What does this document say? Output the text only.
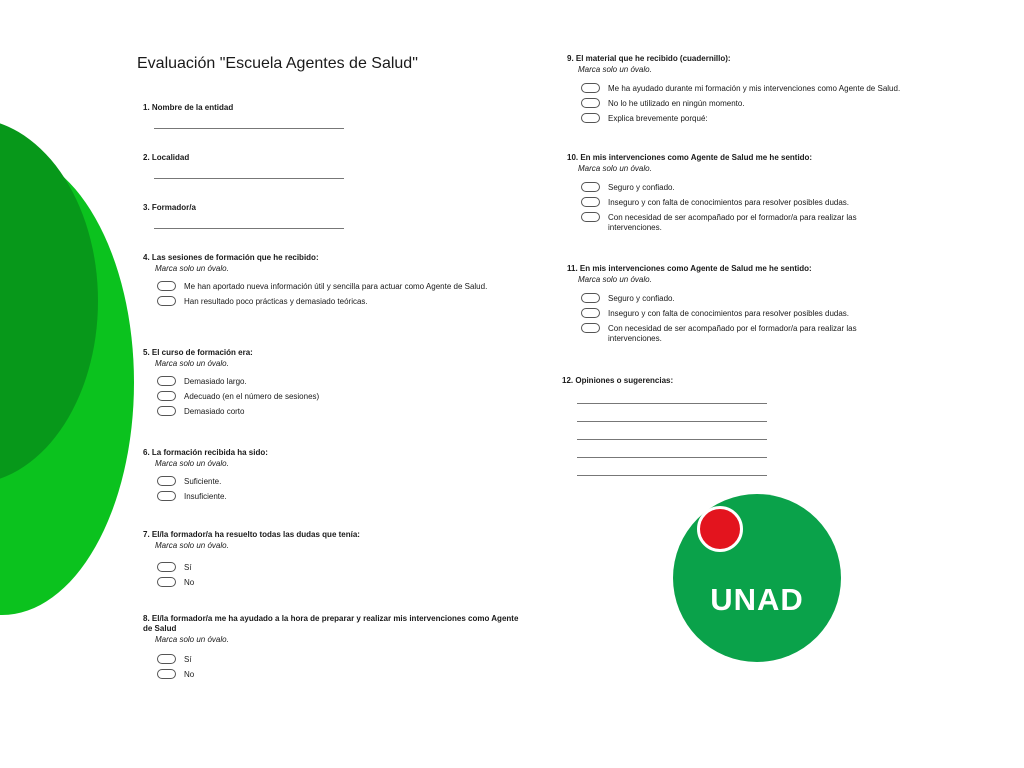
Evaluación "Escuela Agentes de Salud"
1. Nombre de la entidad
2. Localidad
3. Formador/a
4. Las sesiones de formación que he recibido:
Marca solo un óvalo.
Me han aportado nueva información útil y sencilla para actuar como Agente de Salud.
Han resultado poco prácticas y demasiado teóricas.
5. El curso de formación era:
Marca solo un óvalo.
Demasiado largo.
Adecuado (en el número de sesiones)
Demasiado corto
6. La formación recibida ha sido:
Marca solo un óvalo.
Suficiente.
Insuficiente.
7. El/la formador/a ha resuelto todas las dudas que tenía:
Marca solo un óvalo.
Sí
No
8. El/la formador/a me ha ayudado a la hora de preparar y realizar mis intervenciones como Agente de Salud
Marca solo un óvalo.
Sí
No
9. El material que he recibido (cuadernillo):
Marca solo un óvalo.
Me ha ayudado durante mi formación y mis intervenciones como Agente de Salud.
No lo he utilizado en ningún momento.
Explica brevemente porqué:
10. En mis intervenciones como Agente de Salud me he sentido:
Marca solo un óvalo.
Seguro y confiado.
Inseguro y con falta de conocimientos para resolver posibles dudas.
Con necesidad de ser acompañado por el formador/a para realizar las intervenciones.
11. En mis intervenciones como Agente de Salud me he sentido:
Marca solo un óvalo.
Seguro y confiado.
Inseguro y con falta de conocimientos para resolver posibles dudas.
Con necesidad de ser acompañado por el formador/a para realizar las intervenciones.
12. Opiniones o sugerencias:
UNAD
